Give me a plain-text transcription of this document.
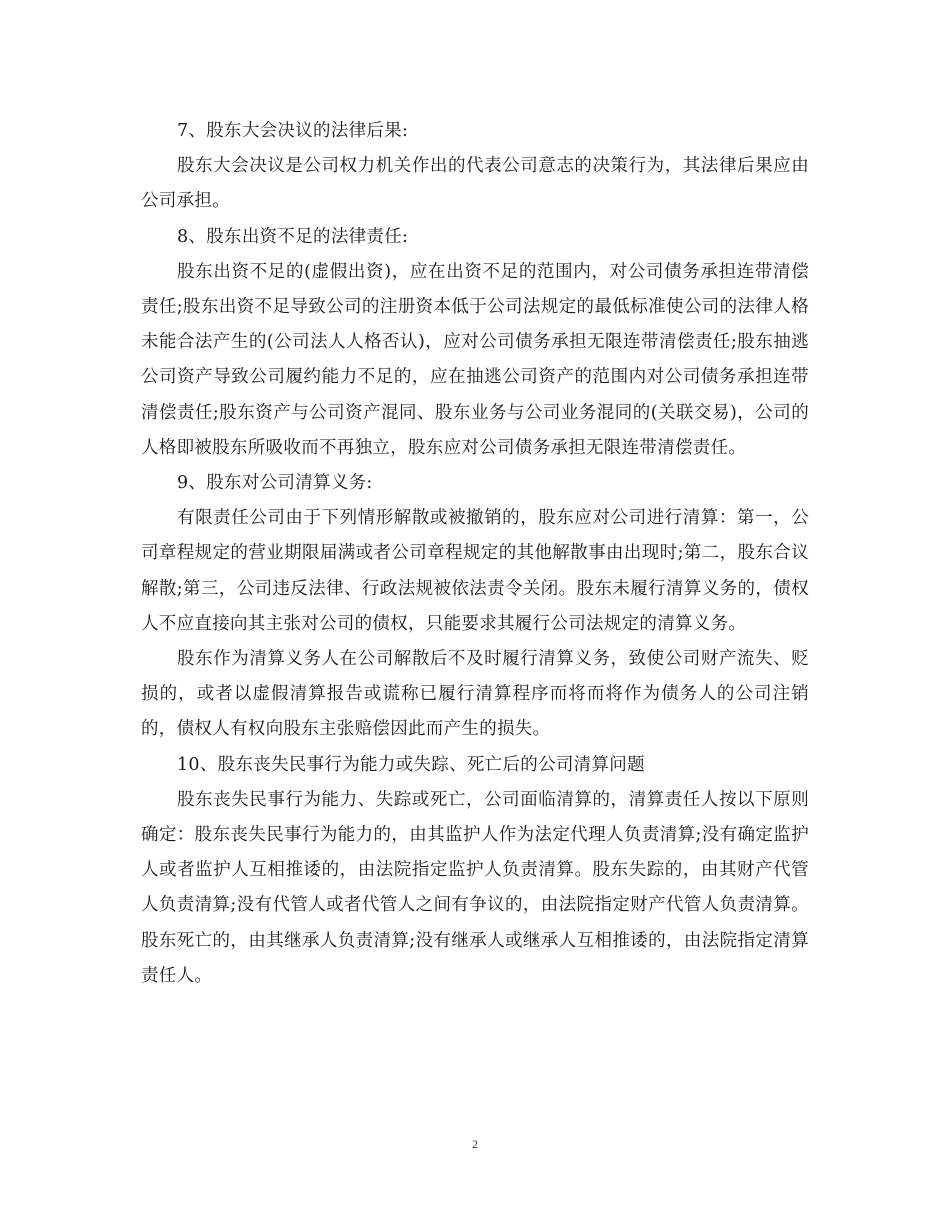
7、股东大会决议的法律后果:

股东大会决议是公司权力机关作出的代表公司意志的决策行为，其法律后果应由公司承担。

8、股东出资不足的法律责任:

股东出资不足的(虚假出资)，应在出资不足的范围内，对公司债务承担连带清偿责任;股东出资不足导致公司的注册资本低于公司法规定的最低标准使公司的法律人格未能合法产生的(公司法人人格否认)，应对公司债务承担无限连带清偿责任;股东抽逃公司资产导致公司履约能力不足的，应在抽逃公司资产的范围内对公司债务承担连带清偿责任;股东资产与公司资产混同、股东业务与公司业务混同的(关联交易)，公司的人格即被股东所吸收而不再独立，股东应对公司债务承担无限连带清偿责任。

9、股东对公司清算义务:

有限责任公司由于下列情形解散或被撤销的，股东应对公司进行清算：第一，公司章程规定的营业期限届满或者公司章程规定的其他解散事由出现时;第二，股东合议解散;第三，公司违反法律、行政法规被依法责令关闭。股东未履行清算义务的，债权人不应直接向其主张对公司的债权，只能要求其履行公司法规定的清算义务。

股东作为清算义务人在公司解散后不及时履行清算义务，致使公司财产流失、贬损的，或者以虚假清算报告或谎称已履行清算程序而将而将作为债务人的公司注销的，债权人有权向股东主张赔偿因此而产生的损失。

10、股东丧失民事行为能力或失踪、死亡后的公司清算问题

股东丧失民事行为能力、失踪或死亡，公司面临清算的，清算责任人按以下原则确定：股东丧失民事行为能力的，由其监护人作为法定代理人负责清算;没有确定监护人或者监护人互相推诿的，由法院指定监护人负责清算。股东失踪的，由其财产代管人负责清算;没有代管人或者代管人之间有争议的，由法院指定财产代管人负责清算。股东死亡的，由其继承人负责清算;没有继承人或继承人互相推诿的，由法院指定清算责任人。

2
